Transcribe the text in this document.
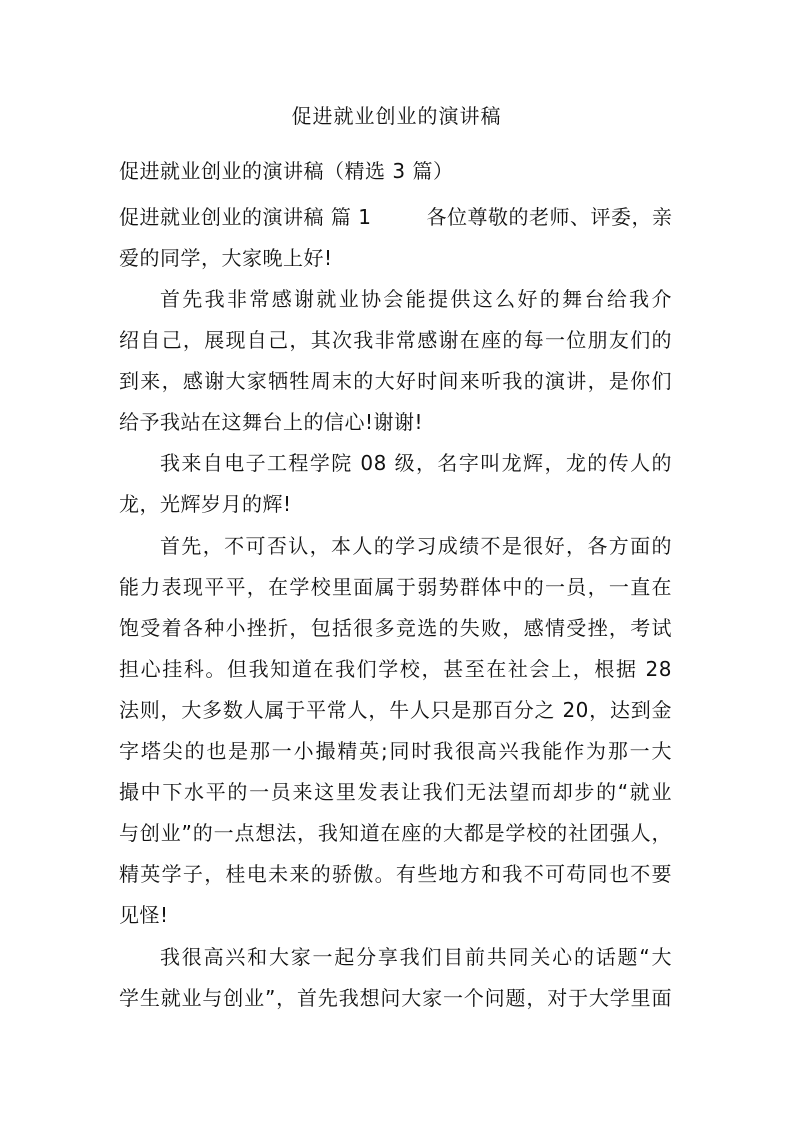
促进就业创业的演讲稿
促进就业创业的演讲稿（精选 3 篇）
促进就业创业的演讲稿 篇 1	各位尊敬的老师、评委，亲
爱的同学，大家晚上好!
首先我非常感谢就业协会能提供这么好的舞台给我介
绍自己，展现自己，其次我非常感谢在座的每一位朋友们的
到来，感谢大家牺牲周末的大好时间来听我的演讲，是你们
给予我站在这舞台上的信心!谢谢!
我来自电子工程学院 08 级，名字叫龙辉，龙的传人的
龙，光辉岁月的辉!
首先，不可否认，本人的学习成绩不是很好，各方面的
能力表现平平，在学校里面属于弱势群体中的一员，一直在
饱受着各种小挫折，包括很多竞选的失败，感情受挫，考试
担心挂科。但我知道在我们学校，甚至在社会上，根据 28
法则，大多数人属于平常人，牛人只是那百分之 20，达到金
字塔尖的也是那一小撮精英;同时我很高兴我能作为那一大
撮中下水平的一员来这里发表让我们无法望而却步的“就业
与创业”的一点想法，我知道在座的大都是学校的社团强人，
精英学子，桂电未来的骄傲。有些地方和我不可苟同也不要
见怪!
我很高兴和大家一起分享我们目前共同关心的话题“大
学生就业与创业”，首先我想问大家一个问题，对于大学里面
